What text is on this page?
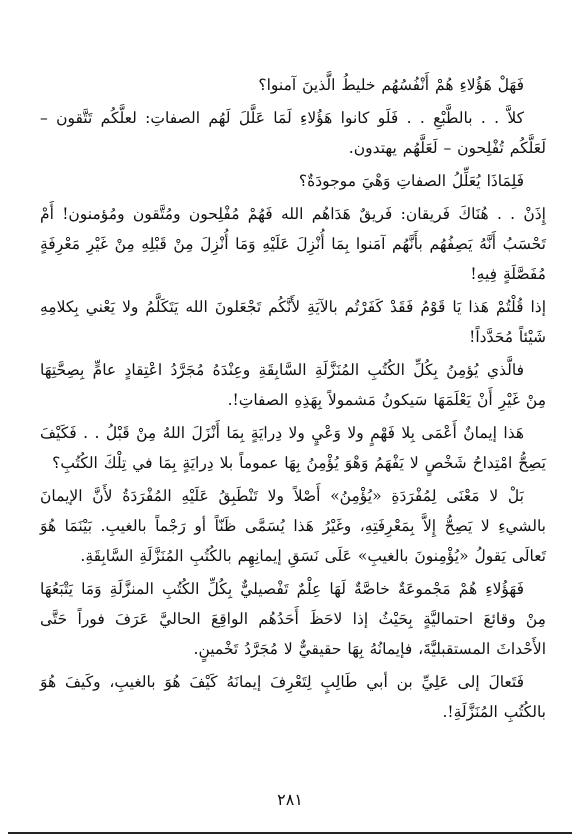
فَهَلْ هَؤُلاءِ هُمْ أَنْفُسُهُم خليطُ الَّذينَ آمنوا؟

كلاَّ . . بالطَّبْعِ . . فَلَو كانوا هَؤُلاءِ لَمَا عَلَّلَ لَهُم الصفاتِ: لعلَّكُم تَتَّقون – لَعَلَّكُم تُفْلِحون – لَعَلَّهُم يهتدون.

فَلِمَاذَا يُعَلِّلُ الصفاتِ وَهْيَ موجودَةٌ؟

إِذَنْ . . هُنَاكَ فَريقان: فَريقٌ هَدَاهُم الله فَهُمْ مُفْلِحون ومُتَّقون ومُؤمنون! أَمْ تَحْسَبُ أَنَّهُ يَصِفُهُم بأَنَّهُم آمَنوا بِمَا أُنْزِلَ عَلَيْهِ وَمَا أُنْزِلَ مِنْ قَبْلِهِ مِنْ غَيْرِ مَعْرِفَةٍ مُفَصَّلَةٍ فِيهِ!

إذا قُلْتُمْ هَذا يَا قَوْمُ فَقَدْ كَفَرْتُم بالآيَةِ لأَنَّكُم تَجْعَلونَ الله يَتَكَلَّمُ ولا يَعْني بِكلامِهِ شَيْئاً مُحَدَّداً!

فالَّذي يُؤمِنُ بِكُلِّ الكُتُبِ المُنَزَّلَةِ السَّابِقَةِ وعِنْدَهُ مُجَرَّدُ اعْتِقادٍ عامٍّ بِصِحَّتِهَا مِنْ غَيْرِ أَنْ يَعْلَمَهَا سَيكونُ مَشمولاً بِهَذِهِ الصفاتِ!.

هَذا إيمانٌ أَعْمَى بِلا فَهْمٍ ولا وَعْيٍ ولا دِرايَةٍ بِمَا أَنْزَلَ اللهُ مِنْ قَبْلُ . . فَكَيْفَ يَصِحُّ امْتِداحُ شَخْصٍ لا يَفْهَمُ وَهْوَ يُؤْمِنُ بِهَا عموماً بلا دِرايَةٍ بِمَا في تِلْكَ الكُتُبِ؟

بَلْ لا مَعْنَى لِمُفْرَدَةِ «يُؤْمِنُ» أَصْلاً ولا تَنْطَبِقُ عَلَيْهِ المُفْرَدَةُ لأَنَّ الإيمانَ بالشيءِ لا يَصِحُّ إِلاَّ بِمَعْرِفَتِهِ، وغَيْرُ هَذا يُسَمَّى ظَنّاً أو رَجْماً بالغيبِ. بَيْنَمَا هُوَ تَعالَى يَقولُ «يُؤْمِنونَ بالغيبِ» عَلَى نَسَقِ إيمانِهِم بالكُتُبِ المُنَزَّلَةِ السَّابِقَةِ.

فَهَؤُلاءِ هُمْ مَجْموعَةٌ خاصَّةٌ لَهَا عِلْمٌ تَفْصيليٌّ بِكُلِّ الكُتُبِ المنزَّلَةِ وَمَا يَتْبَعُهَا مِنْ وقائعَ احتماليَّةٍ بِحَيْثُ إذا لاحَظَ أَحَدُهُم الواقِعَ الحاليَّ عَرَفَ فوراً حَتَّى الأَحْداثَ المستقبليَّةَ، فإيمانُهُ بِهَا حقيقيٌّ لا مُجَرَّدُ تَخْمينٍ.

فَتَعالَ إلى عَلِيِّ بن أبي طَالِبٍ لِتَعْرِفَ إيمانَهُ كَيْفَ هُوَ بالغيبِ، وكَيفَ هُوَ بالكُتُبِ المُنَزَّلَةِ!.

٢٨١
